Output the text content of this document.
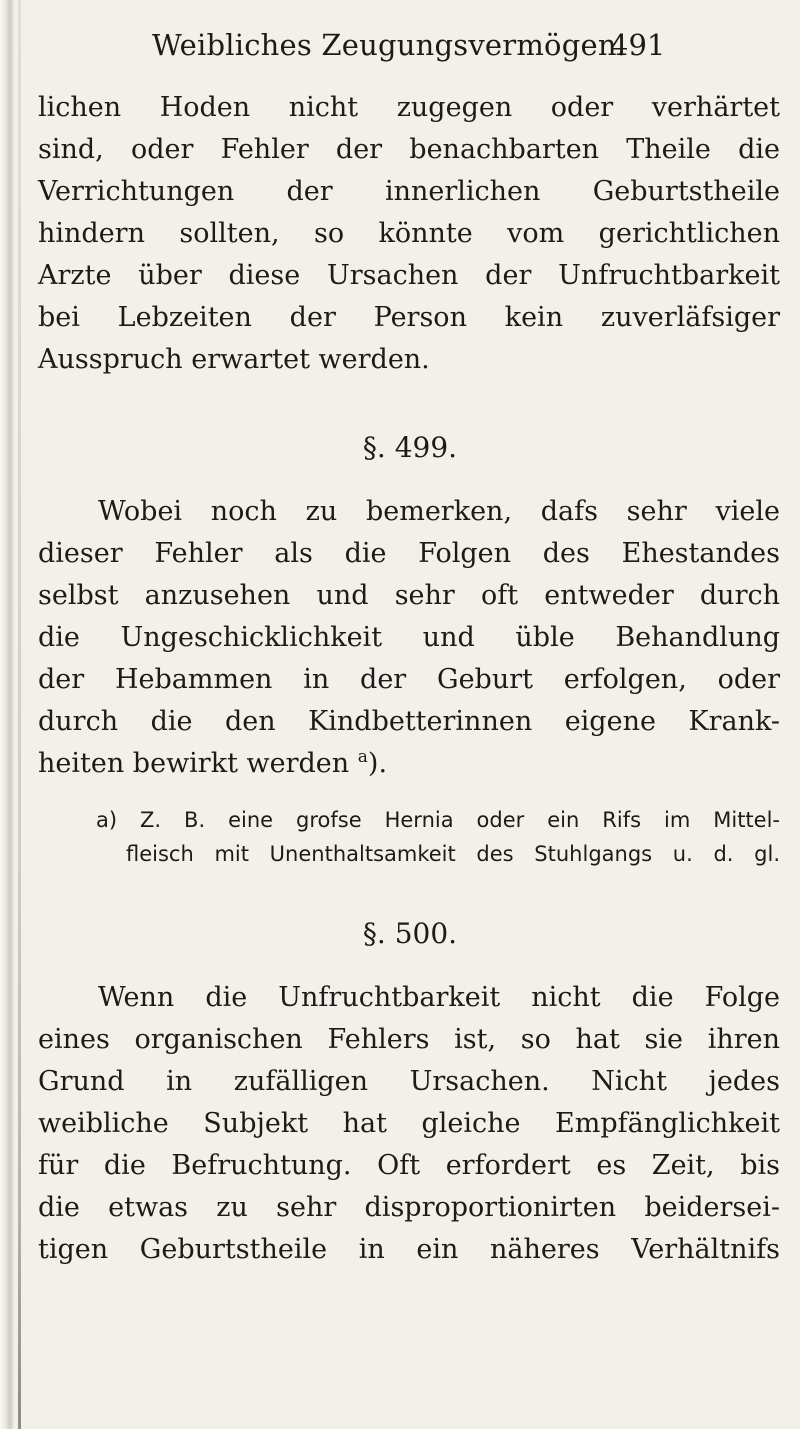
Weibliches Zeugungsvermögen.
491
lichen Hoden nicht zugegen oder verhärtet
sind, oder Fehler der benachbarten Theile die
Verrichtungen der innerlichen Geburtstheile
hindern sollten, so könnte vom gerichtlichen
Arzte über diese Ursachen der Unfruchtbarkeit
bei Lebzeiten der Person kein zuverläfsiger
Ausspruch erwartet werden.
§. 499.
Wobei noch zu bemerken, dafs sehr viele
dieser Fehler als die Folgen des Ehestandes
selbst anzusehen und sehr oft entweder durch
die Ungeschicklichkeit und üble Behandlung
der Hebammen in der Geburt erfolgen, oder
durch die den Kindbetterinnen eigene Krank-
heiten bewirkt werden $^a$).
a) Z. B. eine grofse Hernia oder ein Rifs im Mittel-
fleisch mit Unenthaltsamkeit des Stuhlgangs u. d. gl.
§. 500.
Wenn die Unfruchtbarkeit nicht die Folge
eines organischen Fehlers ist, so hat sie ihren
Grund in zufälligen Ursachen. Nicht jedes
weibliche Subjekt hat gleiche Empfänglichkeit
für die Befruchtung. Oft erfordert es Zeit, bis
die etwas zu sehr disproportionirten beidersei-
tigen Geburtstheile in ein näheres Verhältnifs
